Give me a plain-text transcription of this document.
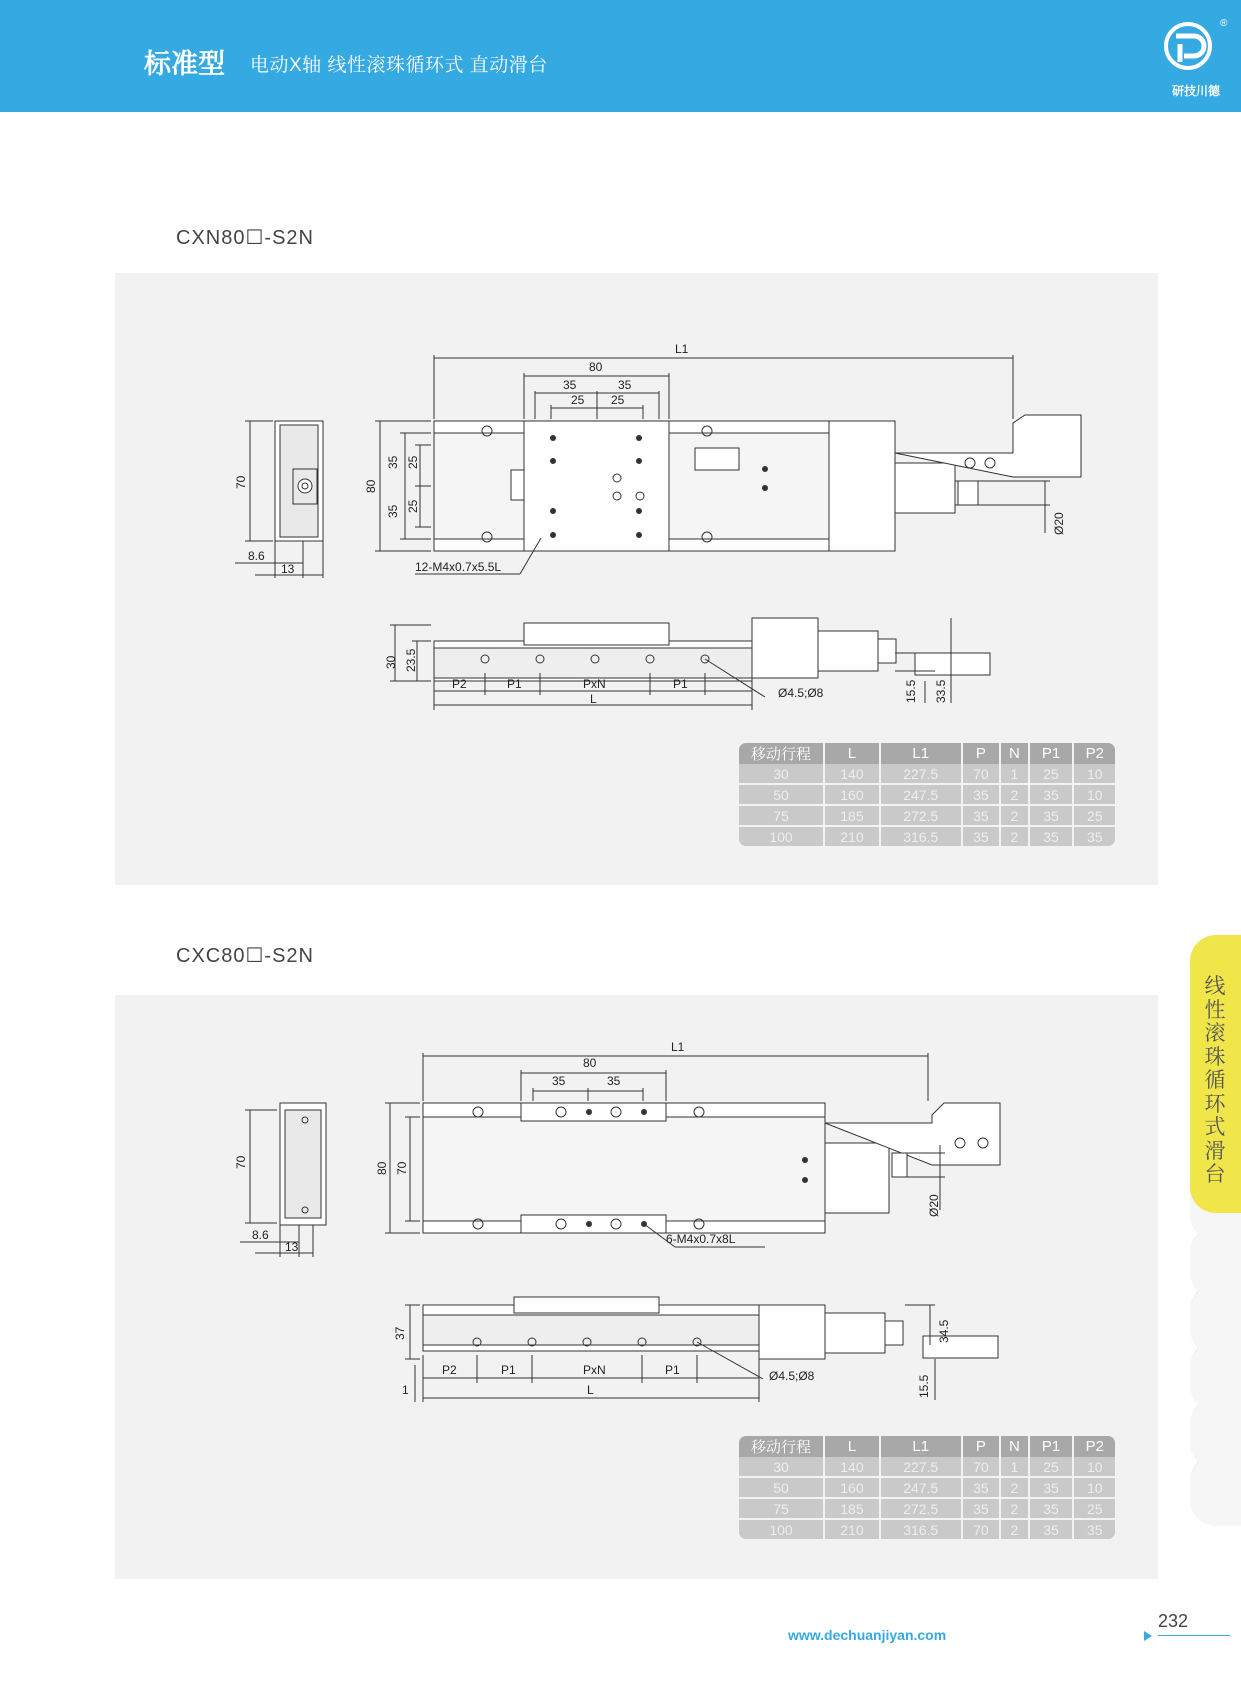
标准型 电动X轴 线性滚珠循环式 直动滑台
®
研技川德
CXN80☐-S2N
L1
80
35	35
25 25
70
8.6
13
80
35
35
25
25
12-M4x0.7x5.5L
Ø20
30 23.5
P2	P1	PxN	P1
L	Ø4.5;Ø8	15.5 33.5
移动行程	L	L1	P	N	P1	P2
30	140	227.5	70	1	25	10
50	160	247.5	35	2	35	10
75	185	272.5	35	2	35	25
100	210	316.5	35	2	35	35
CXC80☐-S2N
L1
80
35	35
70
8.6
13
80 70
6-M4x0.7x8L
Ø20
37	34.5
P2	P1	PxN	P1
L
1
Ø4.5;Ø8	15.5
移动行程	L	L1	P	N	P1	P2
30	140	227.5	70	1	25	10
50	160	247.5	35	2	35	10
75	185	272.5	35	2	35	25
100	210	316.5	70	2	35	35
线性滚珠循环式滑台
www.dechuanjiyan.com
232
